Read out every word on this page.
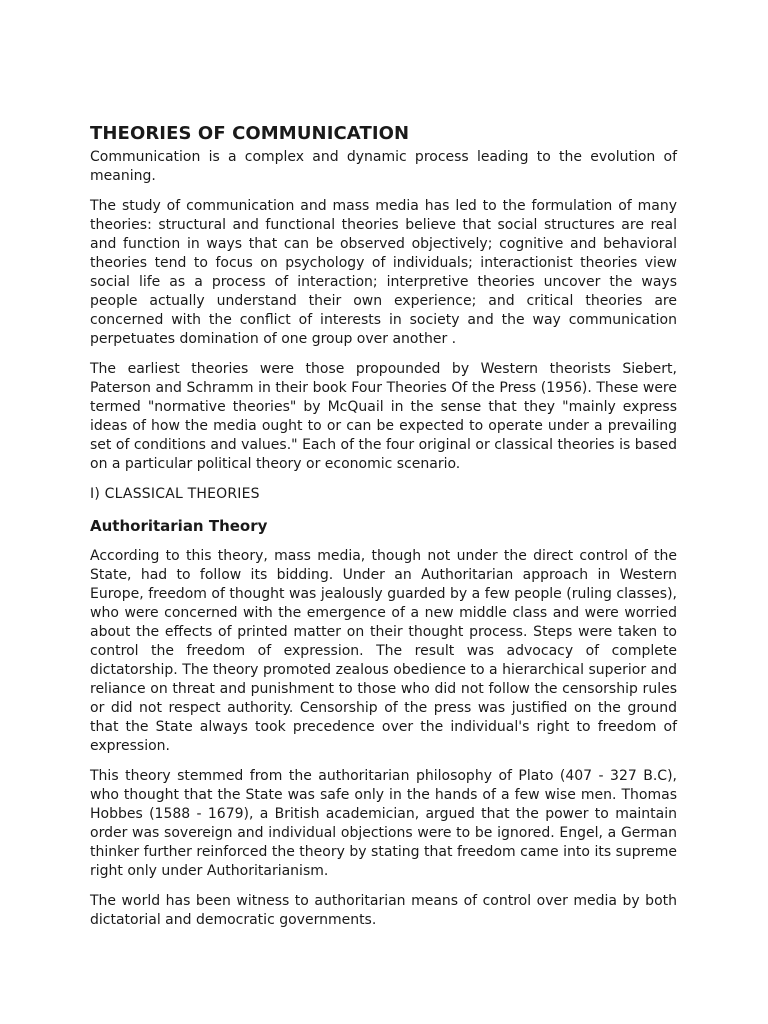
THEORIES OF COMMUNICATION

Communication is a complex and dynamic process leading to the evolution of meaning.

The study of communication and mass media has led to the formulation of many theories: structural and functional theories believe that social structures are real and function in ways that can be observed objectively; cognitive and behavioral theories tend to focus on psychology of individuals; interactionist theories view social life as a process of interaction; interpretive theories uncover the ways people actually understand their own experience; and critical theories are concerned with the conflict of interests in society and the way communication perpetuates domination of one group over another .

The earliest theories were those propounded by Western theorists Siebert, Paterson and Schramm in their book Four Theories Of the Press (1956). These were termed "normative theories" by McQuail in the sense that they "mainly express ideas of how the media ought to or can be expected to operate under a prevailing set of conditions and values." Each of the four original or classical theories is based on a particular political theory or economic scenario.

I) CLASSICAL THEORIES

Authoritarian Theory

According to this theory, mass media, though not under the direct control of the State, had to follow its bidding. Under an Authoritarian approach in Western Europe, freedom of thought was jealously guarded by a few people (ruling classes), who were concerned with the emergence of a new middle class and were worried about the effects of printed matter on their thought process. Steps were taken to control the freedom of expression. The result was advocacy of complete dictatorship. The theory promoted zealous obedience to a hierarchical superior and reliance on threat and punishment to those who did not follow the censorship rules or did not respect authority. Censorship of the press was justified on the ground that the State always took precedence over the individual's right to freedom of expression.

This theory stemmed from the authoritarian philosophy of Plato (407 - 327 B.C), who thought that the State was safe only in the hands of a few wise men. Thomas Hobbes (1588 - 1679), a British academician, argued that the power to maintain order was sovereign and individual objections were to be ignored. Engel, a German thinker further reinforced the theory by stating that freedom came into its supreme right only under Authoritarianism.

The world has been witness to authoritarian means of control over media by both dictatorial and democratic governments.
